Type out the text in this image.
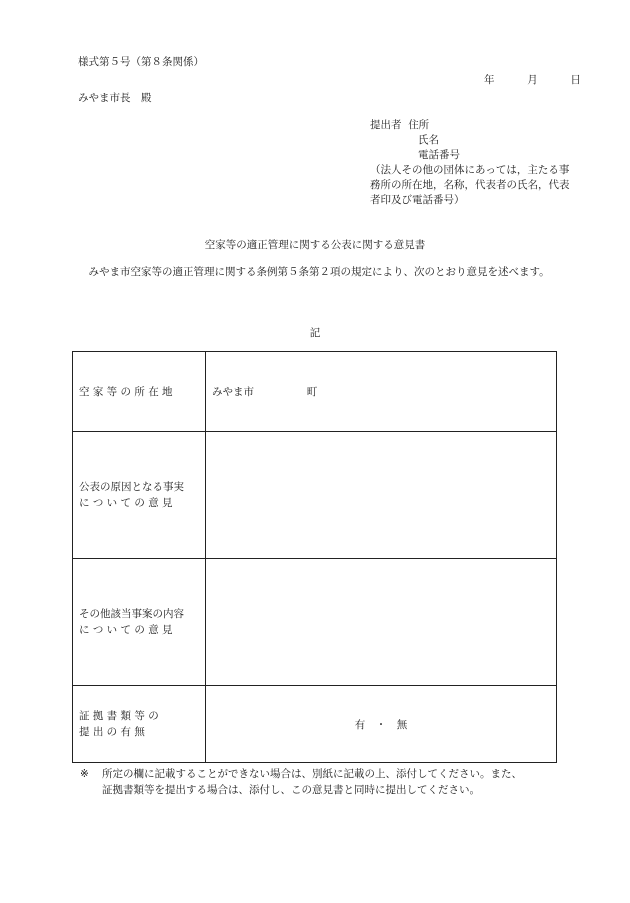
様式第５号（第８条関係）
年	月	日
みやま市長　殿
提出者 住所
氏名
電話番号
（法人その他の団体にあっては，主たる事務所の所在地，名称，代表者の氏名，代表者印及び電話番号）
空家等の適正管理に関する公表に関する意見書
みやま市空家等の適正管理に関する条例第５条第２項の規定により、次のとおり意見を述べます。
記
空 家 等 の 所 在 地	みやま市 町

公表の原因となる事実
に つ い て の 意 見	

その他該当事案の内容
に つ い て の 意 見	

証 拠 書 類 等 の
提 出 の 有 無	有　・　無
※ 所定の欄に記載することができない場合は、別紙に記載の上、添付してください。また、
証拠書類等を提出する場合は、添付し、この意見書と同時に提出してください。
